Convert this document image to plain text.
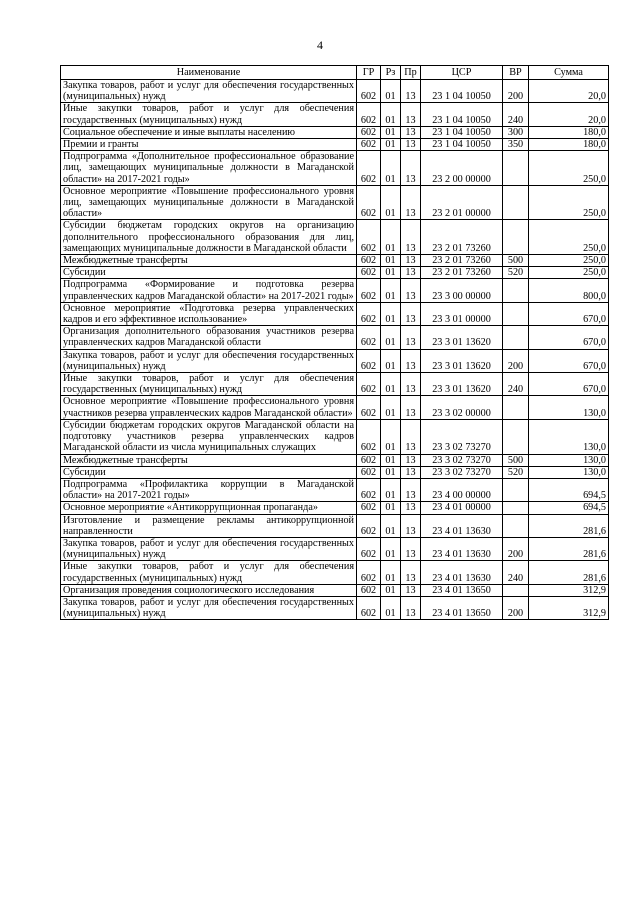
4
Наименование	ГР	Рз	Пр	ЦСР	ВР	Сумма
Закупка товаров, работ и услуг для обеспечения государственных (муниципальных) нужд	602	01	13	23 1 04 10050	200	20,0
Иные закупки товаров, работ и услуг для обеспечения государственных (муниципальных) нужд	602	01	13	23 1 04 10050	240	20,0
Социальное обеспечение и иные выплаты населению	602	01	13	23 1 04 10050	300	180,0
Премии и гранты	602	01	13	23 1 04 10050	350	180,0
Подпрограмма «Дополнительное профессиональное образование лиц, замещающих муниципальные должности в Магаданской области» на 2017-2021 годы»	602	01	13	23 2 00 00000		250,0
Основное мероприятие «Повышение профессионального уровня лиц, замещающих муниципальные должности в Магаданской области»	602	01	13	23 2 01 00000		250,0
Субсидии бюджетам городских округов на организацию дополнительного профессионального образования для лиц, замещающих муниципальные должности в Магаданской области	602	01	13	23 2 01 73260		250,0
Межбюджетные трансферты	602	01	13	23 2 01 73260	500	250,0
Субсидии	602	01	13	23 2 01 73260	520	250,0
Подпрограмма «Формирование и подготовка резерва управленческих кадров Магаданской области» на 2017-2021 годы»	602	01	13	23 3 00 00000		800,0
Основное мероприятие «Подготовка резерва управленческих кадров и его эффективное использование»	602	01	13	23 3 01 00000		670,0
Организация дополнительного образования участников резерва управленческих кадров Магаданской области	602	01	13	23 3 01 13620		670,0
Закупка товаров, работ и услуг для обеспечения государственных (муниципальных) нужд	602	01	13	23 3 01 13620	200	670,0
Иные закупки товаров, работ и услуг для обеспечения государственных (муниципальных) нужд	602	01	13	23 3 01 13620	240	670,0
Основное мероприятие «Повышение профессионального уровня участников резерва управленческих кадров Магаданской области»	602	01	13	23 3 02 00000		130,0
Субсидии бюджетам городских округов Магаданской области на подготовку участников резерва управленческих кадров Магаданской области из числа муниципальных служащих	602	01	13	23 3 02 73270		130,0
Межбюджетные трансферты	602	01	13	23 3 02 73270	500	130,0
Субсидии	602	01	13	23 3 02 73270	520	130,0
Подпрограмма «Профилактика коррупции в Магаданской области» на 2017-2021 годы»	602	01	13	23 4 00 00000		694,5
Основное мероприятие «Антикоррупционная пропаганда»	602	01	13	23 4 01 00000		694,5
Изготовление и размещение рекламы антикоррупционной направленности	602	01	13	23 4 01 13630		281,6
Закупка товаров, работ и услуг для обеспечения государственных (муниципальных) нужд	602	01	13	23 4 01 13630	200	281,6
Иные закупки товаров, работ и услуг для обеспечения государственных (муниципальных) нужд	602	01	13	23 4 01 13630	240	281,6
Организация проведения социологического исследования	602	01	13	23 4 01 13650		312,9
Закупка товаров, работ и услуг для обеспечения государственных (муниципальных) нужд	602	01	13	23 4 01 13650	200	312,9
